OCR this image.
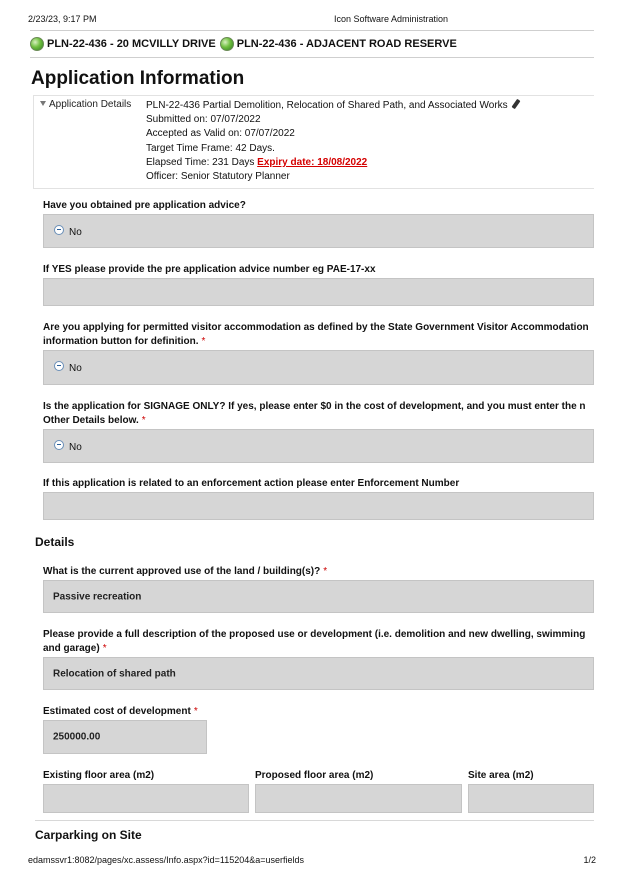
2/23/23, 9:17 PM	Icon Software Administration
PLN-22-436 - 20 MCVILLY DRIVE PLN-22-436 - ADJACENT ROAD RESERVE
Application Information
Application Details PLN-22-436 Partial Demolition, Relocation of Shared Path, and Associated Works
Submitted on: 07/07/2022
Accepted as Valid on: 07/07/2022
Target Time Frame: 42 Days.
Elapsed Time: 231 Days Expiry date: 18/08/2022
Officer: Senior Statutory Planner
Have you obtained pre application advice?
No
If YES please provide the pre application advice number eg PAE-17-xx
Are you applying for permitted visitor accommodation as defined by the State Government Visitor Accommodation
information button for definition. *
No
Is the application for SIGNAGE ONLY? If yes, please enter $0 in the cost of development, and you must enter the n
Other Details below. *
No
If this application is related to an enforcement action please enter Enforcement Number
Details
What is the current approved use of the land / building(s)? *
Passive recreation
Please provide a full description of the proposed use or development (i.e. demolition and new dwelling, swimming
and garage) *
Relocation of shared path
Estimated cost of development *
250000.00
Existing floor area (m2)	Proposed floor area (m2)	Site area (m2)
Carparking on Site
edamssvr1:8082/pages/xc.assess/Info.aspx?id=115204&a=userfields	1/2
